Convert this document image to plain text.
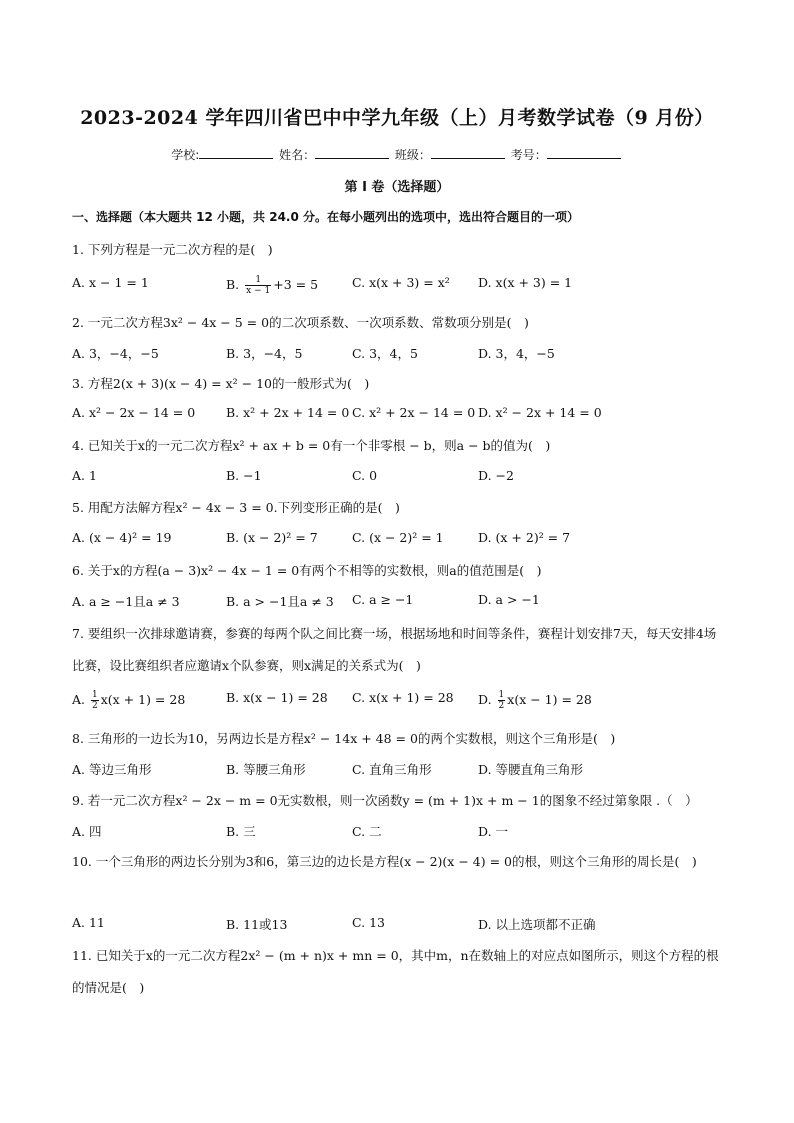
2023-2024 学年四川省巴中中学九年级（上）月考数学试卷（9 月份）
学校:	姓名：	班级：	考号：
第 I 卷（选择题）
一、选择题（本大题共 12 小题，共 24.0 分。在每小题列出的选项中，选出符合题目的一项）
1. 下列方程是一元二次方程的是(　)
A. x − 1 = 1	B. $\frac{1}{x - 1} +3 = 5$	C. x(x + 3) = x² D. x(x + 3) = 1
2. 一元二次方程3x² − 4x − 5 = 0的二次项系数、一次项系数、常数项分别是(　)
A. 3，−4，−5	B. 3，−4，5	C. 3，4，5	D. 3，4，−5
3. 方程2(x + 3)(x − 4) = x² − 10的一般形式为(　)
A. x² − 2x − 14 = 0 B. x² + 2x + 14 = 0 C. x² + 2x − 14 = 0 D. x² − 2x + 14 = 0
4. 已知关于x的一元二次方程x² + ax + b = 0有一个非零根 − b，则a − b的值为(　)
A. 1	B. −1	C. 0	D. −2
5. 用配方法解方程x² − 4x − 3 = 0.下列变形正确的是(　)
A. (x − 4)² = 19	B. (x − 2)² = 7	C. (x − 2)² = 1	D. (x + 2)² = 7
6. 关于x的方程(a − 3)x² − 4x − 1 = 0有两个不相等的实数根，则a的值范围是(　)
A. a ≥ −1且a ≠ 3	B. a > −1且a ≠ 3 C. a ≥ −1	D. a > −1
7. 要组织一次排球邀请赛，参赛的每两个队之间比赛一场，根据场地和时间等条件，赛程计划安排7天，每天安排4场比赛，设比赛组织者应邀请x个队参赛，则x满足的关系式为(　)
A. $\frac{1}{2} x(x + 1) = 28$	B. x(x − 1) = 28 C. x(x + 1) = 28 D. $\frac{1}{2} x(x - 1) = 28$
8. 三角形的一边长为10，另两边长是方程x² − 14x + 48 = 0的两个实数根，则这个三角形是(　)
A. 等边三角形	B. 等腰三角形	C. 直角三角形	D. 等腰直角三角形
9. 若一元二次方程x² − 2x − m = 0无实数根，则一次函数y = (m + 1)x + m − 1的图象不经过第象限 .（　）
A. 四	B. 三	C. 二	D. 一
10. 一个三角形的两边长分别为3和6，第三边的边长是方程(x − 2)(x − 4) = 0的根，则这个三角形的周长是(　)
A. 11	B. 11或13	C. 13	D. 以上选项都不正确
11. 已知关于x的一元二次方程2x² − (m + n)x + mn = 0，其中m，n在数轴上的对应点如图所示，则这个方程的根的情况是(　)
